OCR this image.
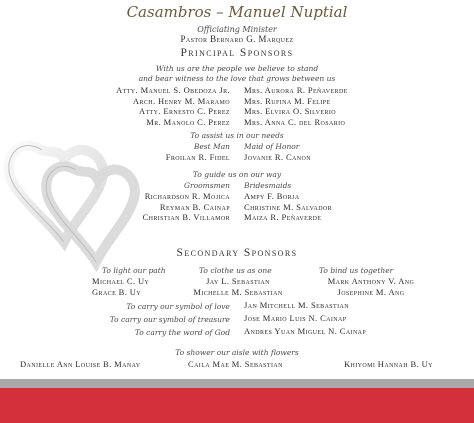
Casambros – Manuel Nuptial
Officiating Minister
Pastor Bernard G. Marquez
Principal Sponsors
With us are the people we believe to stand
and bear witness to the love that grows between us
Atty. Manuel S. Obedoza Jr.
Arch. Henry M. Maramo
Atty. Ernesto C. Perez
Mr. Manolo C. Perez
Mrs. Aurora R. Peñaverde
Mrs. Rufina M. Felipe
Mrs. Elvira O. Silverio
Mrs. Anna C. del Rosario
To assist us in our needs
Best Man Maid of Honor
Froilan R. Fidel Jovanie R. Canon
To guide us on our way
Groomsmen Bridesmaids
Richardson R. Mojica
Reyman B. Cainap
Christian B. Villamor
Ampy F. Borja
Christine M. Salvador
Maiza R. Peñaverde
Secondary Sponsors
To light our path
Michael C. Uy
Grace B. Uy
To clothe us as one
Jay L. Sebastian
Michelle M. Sebastian
To bind us together
Mark Anthony V. Ang
Josephine M. Ang
To carry our symbol of love Jan Mitchell M. Sebastian
To carry our symbol of treasure Jose Mario Luis N. Cainap
To carry the word of God Andres Yuan Miguel N. Cainap
To shower our aisle with flowers
Danielle Ann Louise B. Manay	Caila Mae M. Sebastian	Khiyomi Hannah B. Uy
